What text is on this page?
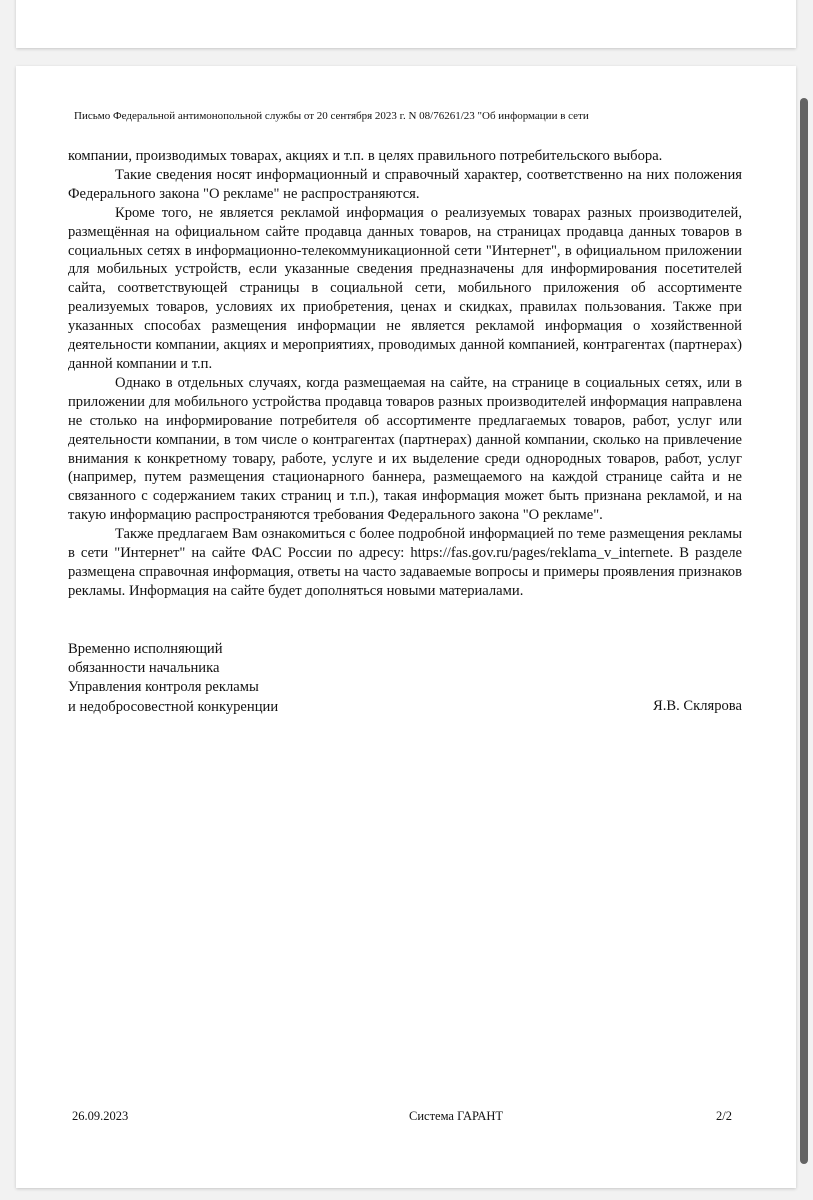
Письмо Федеральной антимонопольной службы от 20 сентября 2023 г. N 08/76261/23 "Об информации в сети

компании, производимых товарах, акциях и т.п. в целях правильного потребительского выбора.

Такие сведения носят информационный и справочный характер, соответственно на них положения Федерального закона "О рекламе" не распространяются.

Кроме того, не является рекламой информация о реализуемых товарах разных производителей, размещённая на официальном сайте продавца данных товаров, на страницах продавца данных товаров в социальных сетях в информационно-телекоммуникационной сети "Интернет", в официальном приложении для мобильных устройств, если указанные сведения предназначены для информирования посетителей сайта, соответствующей страницы в социальной сети, мобильного приложения об ассортименте реализуемых товаров, условиях их приобретения, ценах и скидках, правилах пользования. Также при указанных способах размещения информации не является рекламой информация о хозяйственной деятельности компании, акциях и мероприятиях, проводимых данной компанией, контрагентах (партнерах) данной компании и т.п.

Однако в отдельных случаях, когда размещаемая на сайте, на странице в социальных сетях, или в приложении для мобильного устройства продавца товаров разных производителей информация направлена не столько на информирование потребителя об ассортименте предлагаемых товаров, работ, услуг или деятельности компании, в том числе о контрагентах (партнерах) данной компании, сколько на привлечение внимания к конкретному товару, работе, услуге и их выделение среди однородных товаров, работ, услуг (например, путем размещения стационарного баннера, размещаемого на каждой странице сайта и не связанного с содержанием таких страниц и т.п.), такая информация может быть признана рекламой, и на такую информацию распространяются требования Федерального закона "О рекламе".

Также предлагаем Вам ознакомиться с более подробной информацией по теме размещения рекламы в сети "Интернет" на сайте ФАС России по адресу: https://fas.gov.ru/pages/reklama_v_internete. В разделе размещена справочная информация, ответы на часто задаваемые вопросы и примеры проявления признаков рекламы. Информация на сайте будет дополняться новыми материалами.

Временно исполняющий
обязанности начальника
Управления контроля рекламы
и недобросовестной конкуренции	Я.В. Склярова
26.09.2023	Система ГАРАНТ	2/2
